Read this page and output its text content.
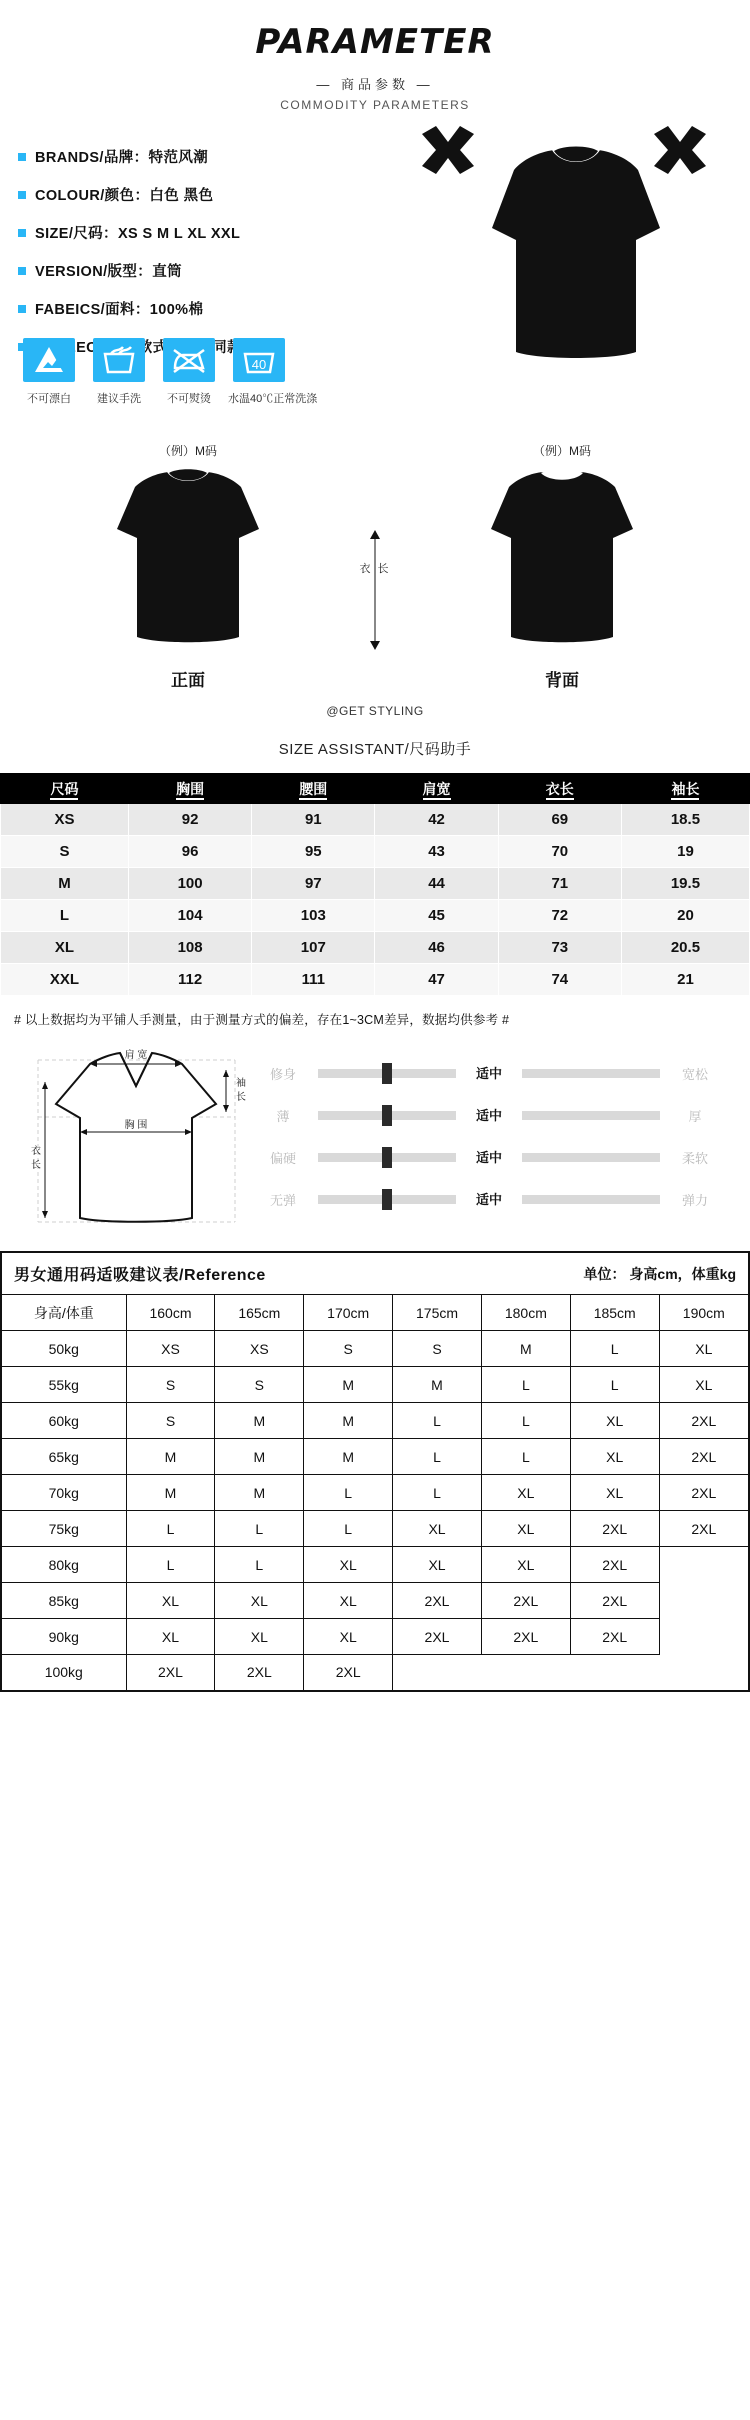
PARAMETER
— 商品参数 —
COMMODITY PARAMETERS
BRANDS/品牌：特范风潮
COLOUR/颜色：白色 黑色
SIZE/尺码：XS S M L XL XXL
VERSION/版型：直筒
FABEICS/面料：100%棉
不可漂白	建议手洗	不可熨烫
40
水温40℃正常洗涤
（例）M码
正面
（例）M码
背面
衣 长
@GET STYLING
SIZE ASSISTANT/尺码助手
尺码	胸围	腰围	肩宽	衣长	袖长
XS	92	91	42	69	18.5
S	96	95	43	70	19
M	100	97	44	71	19.5
L	104	103	45	72	20
XL	108	107	46	73	20.5
XXL	112	111	47	74	21
# 以上数据均为平铺人手测量，由于测量方式的偏差，存在1~3CM差异，数据均供参考 #
肩 宽
胸 围
衣
长
袖
长
修身	适中	宽松
薄	适中	厚
偏硬	适中	柔软
无弹	适中	弹力
男女通用码适吸建议表/Reference	单位： 身高cm，体重kg
身高/体重	160cm	165cm	170cm	175cm	180cm	185cm	190cm
50kg	XS	XS	S	S	M	L	XL
55kg	S	S	M	M	L	L	XL
60kg	S	M	M	L	L	XL	2XL
65kg	M	M	M	L	L	XL	2XL
70kg	M	M	L	L	XL	XL	2XL
75kg	L	L	L	XL	XL	2XL	2XL
80kg	L	L	XL	XL	XL	2XL	
85kg	XL	XL	XL	2XL	2XL	2XL	
90kg	XL	XL	XL	2XL	2XL	2XL	
100kg	2XL	2XL	2XL				
